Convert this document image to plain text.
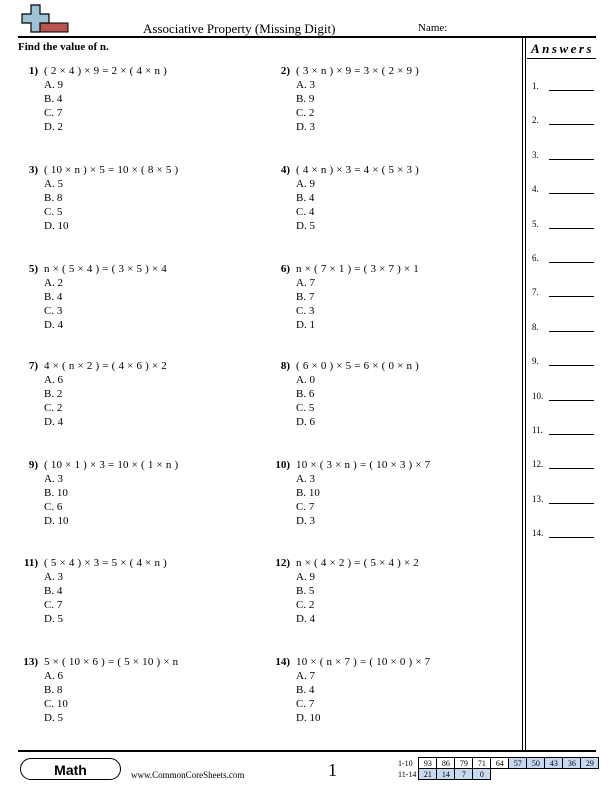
Associative Property (Missing Digit)	Name:
Find the value of n.
1) ( 2 × 4 ) × 9 = 2 × ( 4 × n )
A. 9
B. 4
C. 7
D. 2
2) ( 3 × n ) × 9 = 3 × ( 2 × 9 )
A. 3
B. 9
C. 2
D. 3
3) ( 10 × n ) × 5 = 10 × ( 8 × 5 )
A. 5
B. 8
C. 5
D. 10
4) ( 4 × n ) × 3 = 4 × ( 5 × 3 )
A. 9
B. 4
C. 4
D. 5
5) n × ( 5 × 4 ) = ( 3 × 5 ) × 4
A. 2
B. 4
C. 3
D. 4
6) n × ( 7 × 1 ) = ( 3 × 7 ) × 1
A. 7
B. 7
C. 3
D. 1
7) 4 × ( n × 2 ) = ( 4 × 6 ) × 2
A. 6
B. 2
C. 2
D. 4
8) ( 6 × 0 ) × 5 = 6 × ( 0 × n )
A. 0
B. 6
C. 5
D. 6
9) ( 10 × 1 ) × 3 = 10 × ( 1 × n )
A. 3
B. 10
C. 6
D. 10
10) 10 × ( 3 × n ) = ( 10 × 3 ) × 7
A. 3
B. 10
C. 7
D. 3
11) ( 5 × 4 ) × 3 = 5 × ( 4 × n )
A. 3
B. 4
C. 7
D. 5
12) n × ( 4 × 2 ) = ( 5 × 4 ) × 2
A. 9
B. 5
C. 2
D. 4
13) 5 × ( 10 × 6 ) = ( 5 × 10 ) × n
A. 6
B. 8
C. 10
D. 5
14) 10 × ( n × 7 ) = ( 10 × 0 ) × 7
A. 7
B. 4
C. 7
D. 10
Answers
1.
2.
3.
4.
5.
6.
7.
8.
9.
10.
11.
12.
13.
14.
Math	www.CommonCoreSheets.com	1	1-10	93	86	79	71	64	57	50	43	36	29
11-14	21	14	7	0						
